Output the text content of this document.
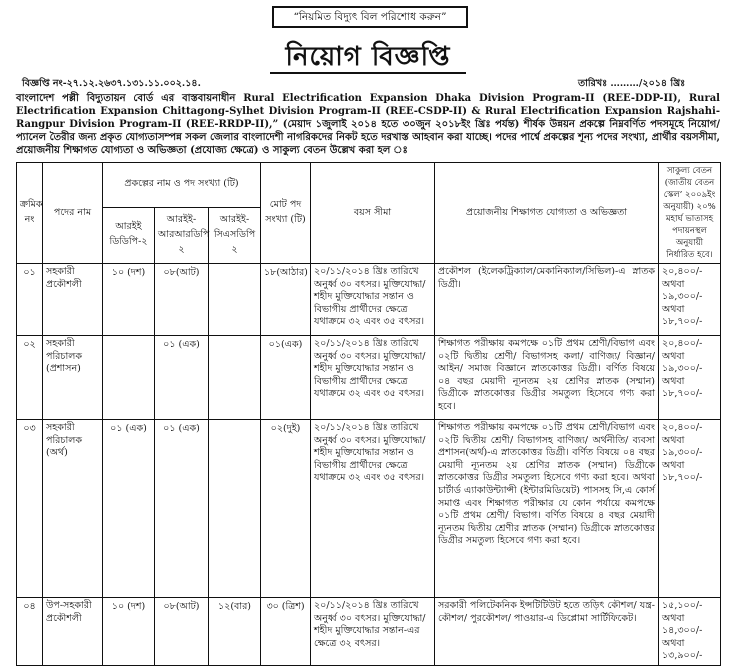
“নিয়মিত বিদ্যুৎ বিল পরিশোধ করুন”
নিয়োগ বিজ্ঞপ্তি
বিজ্ঞপ্তি নং-২৭.১২.২৬৩৭.১৩১.১১.০০২.১৪.	তারিখঃ ………/২০১৪ খ্রিঃ
বাংলাদেশ পল্লী বিদ্যুতায়ন বোর্ড এর বাস্তবায়নাধীন Rural Electrification Expansion Dhaka Division Program-II (REE-DDP-II), Rural Electrification Expansion Chittagong-Sylhet Division Program-II (REE-CSDP-II) & Rural Electrification Expansion Rajshahi-Rangpur Division Program-II (REE-RRDP-II),” (মেয়াদ ১জুলাই ২০১৪ হতে ৩০জুন ২০১৮ইং খ্রিঃ পর্যন্ত) শীর্ষক উন্নয়ন প্রকল্পে নিম্নবর্ণিত পদসমূহে নিয়োগ/প্যানেল তৈরীর জন্য প্রকৃত যোগ্যতাসম্পন্ন সকল জেলার বাংলাদেশী নাগরিকদের নিকট হতে দরখাস্ত আহবান করা যাচ্ছে। পদের পার্শ্বে প্রকল্পের শূন্য পদের সংখ্যা, প্রার্থীর বয়সসীমা, প্রয়োজনীয় শিক্ষাগত যোগ্যতা ও অভিজ্ঞতা (প্রযোজ্য ক্ষেত্রে) ও সাকুল্য বেতন উল্লেখ করা হল ঃ
ক্রমিক নং	পদের নাম	প্রকল্পের নাম ও পদ সংখ্যা (টি)			মোট পদ সংখ্যা (টি)	বয়স সীমা	প্রয়োজনীয় শিক্ষাগত যোগ্যতা ও অভিজ্ঞতা	সাকুল্য বেতন (জাতীয় বেতন স্কেল’ ২০০৯ইং অনুযায়ী) ২০% মহার্ঘ ভাতাসহ পদায়নস্থল অনুযায়ী নির্ধারিত হবে।
		আরইই ডিডিপি-২	আরইই- আরআরডিপি ২	আরইই- সিএসডিপি ২				
০১	সহকারী প্রকৌশলী	১০ (দশ)	০৮(আট)		১৮(আঠার)	২০/১১/২০১৪ খ্রিঃ তারিখে অনুর্ধ্ব ৩০ বৎসর। মুক্তিযোদ্ধা/ শহীদ মুক্তিযোদ্ধার সন্তান ও বিভাগীয় প্রার্থীদের ক্ষেত্রে যথাক্রমে ৩২ এবং ৩৫ বৎসর।	প্রকৌশল (ইলেকট্রিক্যাল/মেকানিক্যাল/সিভিল)-এ স্নাতক ডিগ্রী।	২০,৪০০/- অথবা ১৯,৩০০/- অথবা ১৮,৭০০/-
০২	সহকারী পরিচালক (প্রশাসন)		০১ (এক)		০১(এক)	২০/১১/২০১৪ খ্রিঃ তারিখে অনুর্ধ্ব ৩০ বৎসর। মুক্তিযোদ্ধা/ শহীদ মুক্তিযোদ্ধার সন্তান ও বিভাগীয় প্রার্থীদের ক্ষেত্রে যথাক্রমে ৩২ এবং ৩৫ বৎসর।	শিক্ষাগত পরীক্ষায় কমপক্ষে ০১টি প্রথম শ্রেণী/বিভাগ এবং ০২টি দ্বিতীয় শ্রেণী/ বিভাগসহ কলা/ বাণিজ্য/ বিজ্ঞান/ আইন/ সমাজ বিজ্ঞানে স্নাতকোত্তর ডিগ্রী। বর্ণিত বিষয়ে ০৪ বছর মেয়াদী ন্যূনতম ২য় শ্রেণির স্নাতক (সম্মান) ডিগ্রীকে স্নাতকোত্তর ডিগ্রীর সমতুল্য হিসেবে গণ্য করা হবে।	২০,৪০০/- অথবা ১৯,৩০০/- অথবা ১৮,৭০০/-
০৩	সহকারী পরিচালক (অর্থ)	০১ (এক)	০১ (এক)		০২(দুই)	২০/১১/২০১৪ খ্রিঃ তারিখে অনুর্ধ্ব ৩০ বৎসর। মুক্তিযোদ্ধা/ শহীদ মুক্তিযোদ্ধার সন্তান ও বিভাগীয় প্রার্থীদের ক্ষেত্রে যথাক্রমে ৩২ এবং ৩৫ বৎসর।	শিক্ষাগত পরীক্ষায় কমপক্ষে ০১টি প্রথম শ্রেণী/বিভাগ এবং ০২টি দ্বিতীয় শ্রেণী/ বিভাগসহ বাণিজ্য/ অর্থনীতি/ ব্যবসা প্রশাসন(অর্থ)-এ স্নাতকোত্তর ডিগ্রী। বর্ণিত বিষয়ে ০৪ বছর মেয়াদী ন্যূনতম ২য় শ্রেণির স্নাতক (সম্মান) ডিগ্রীকে স্নাতকোত্তর ডিগ্রীর সমতুল্য হিসেবে গণ্য করা হবে। অথবা চার্টার্ড এ্যাকাউন্ট্যান্সী (ইন্টারমিডিয়েট) পাসসহ সি,এ কোর্স সমাপ্ত এবং শিক্ষাগত পরীক্ষার যে কোন পর্যায়ে কমপক্ষে ০১টি প্রথম শ্রেণী/ বিভাগ। বর্ণিত বিষয়ে ৪ বছর মেয়াদী ন্যূনতম দ্বিতীয় শ্রেণীর স্নাতক (সম্মান) ডিগ্রীকে স্নাতকোত্তর ডিগ্রীর সমতুল্য হিসেবে গণ্য করা হবে।	২০,৪০০/- অথবা ১৯,৩০০/- অথবা ১৮,৭০০/-
০৪	উপ-সহকারী প্রকৌশলী	১০ (দশ)	০৮(আট)	১২(বার)	৩০ (ত্রিশ)	২০/১১/২০১৪ খ্রিঃ তারিখে অনুর্ধ্ব ৩০ বৎসর। মুক্তিযোদ্ধা/ শহীদ মুক্তিযোদ্ধার সন্তান-এর ক্ষেত্রে ৩২ বৎসর।	সরকারী পলিটেকনিক ইন্সটিটিউট হতে তড়িৎ কৌশল/ যন্ত্র-কৌশল/ পুরকৌশল/ পাওয়ার-এ ডিপ্লোমা সার্টিফিকেট।	১৫,১০০/- অথবা ১৪,৩০০/- অথবা ১৩,৯০০/-
